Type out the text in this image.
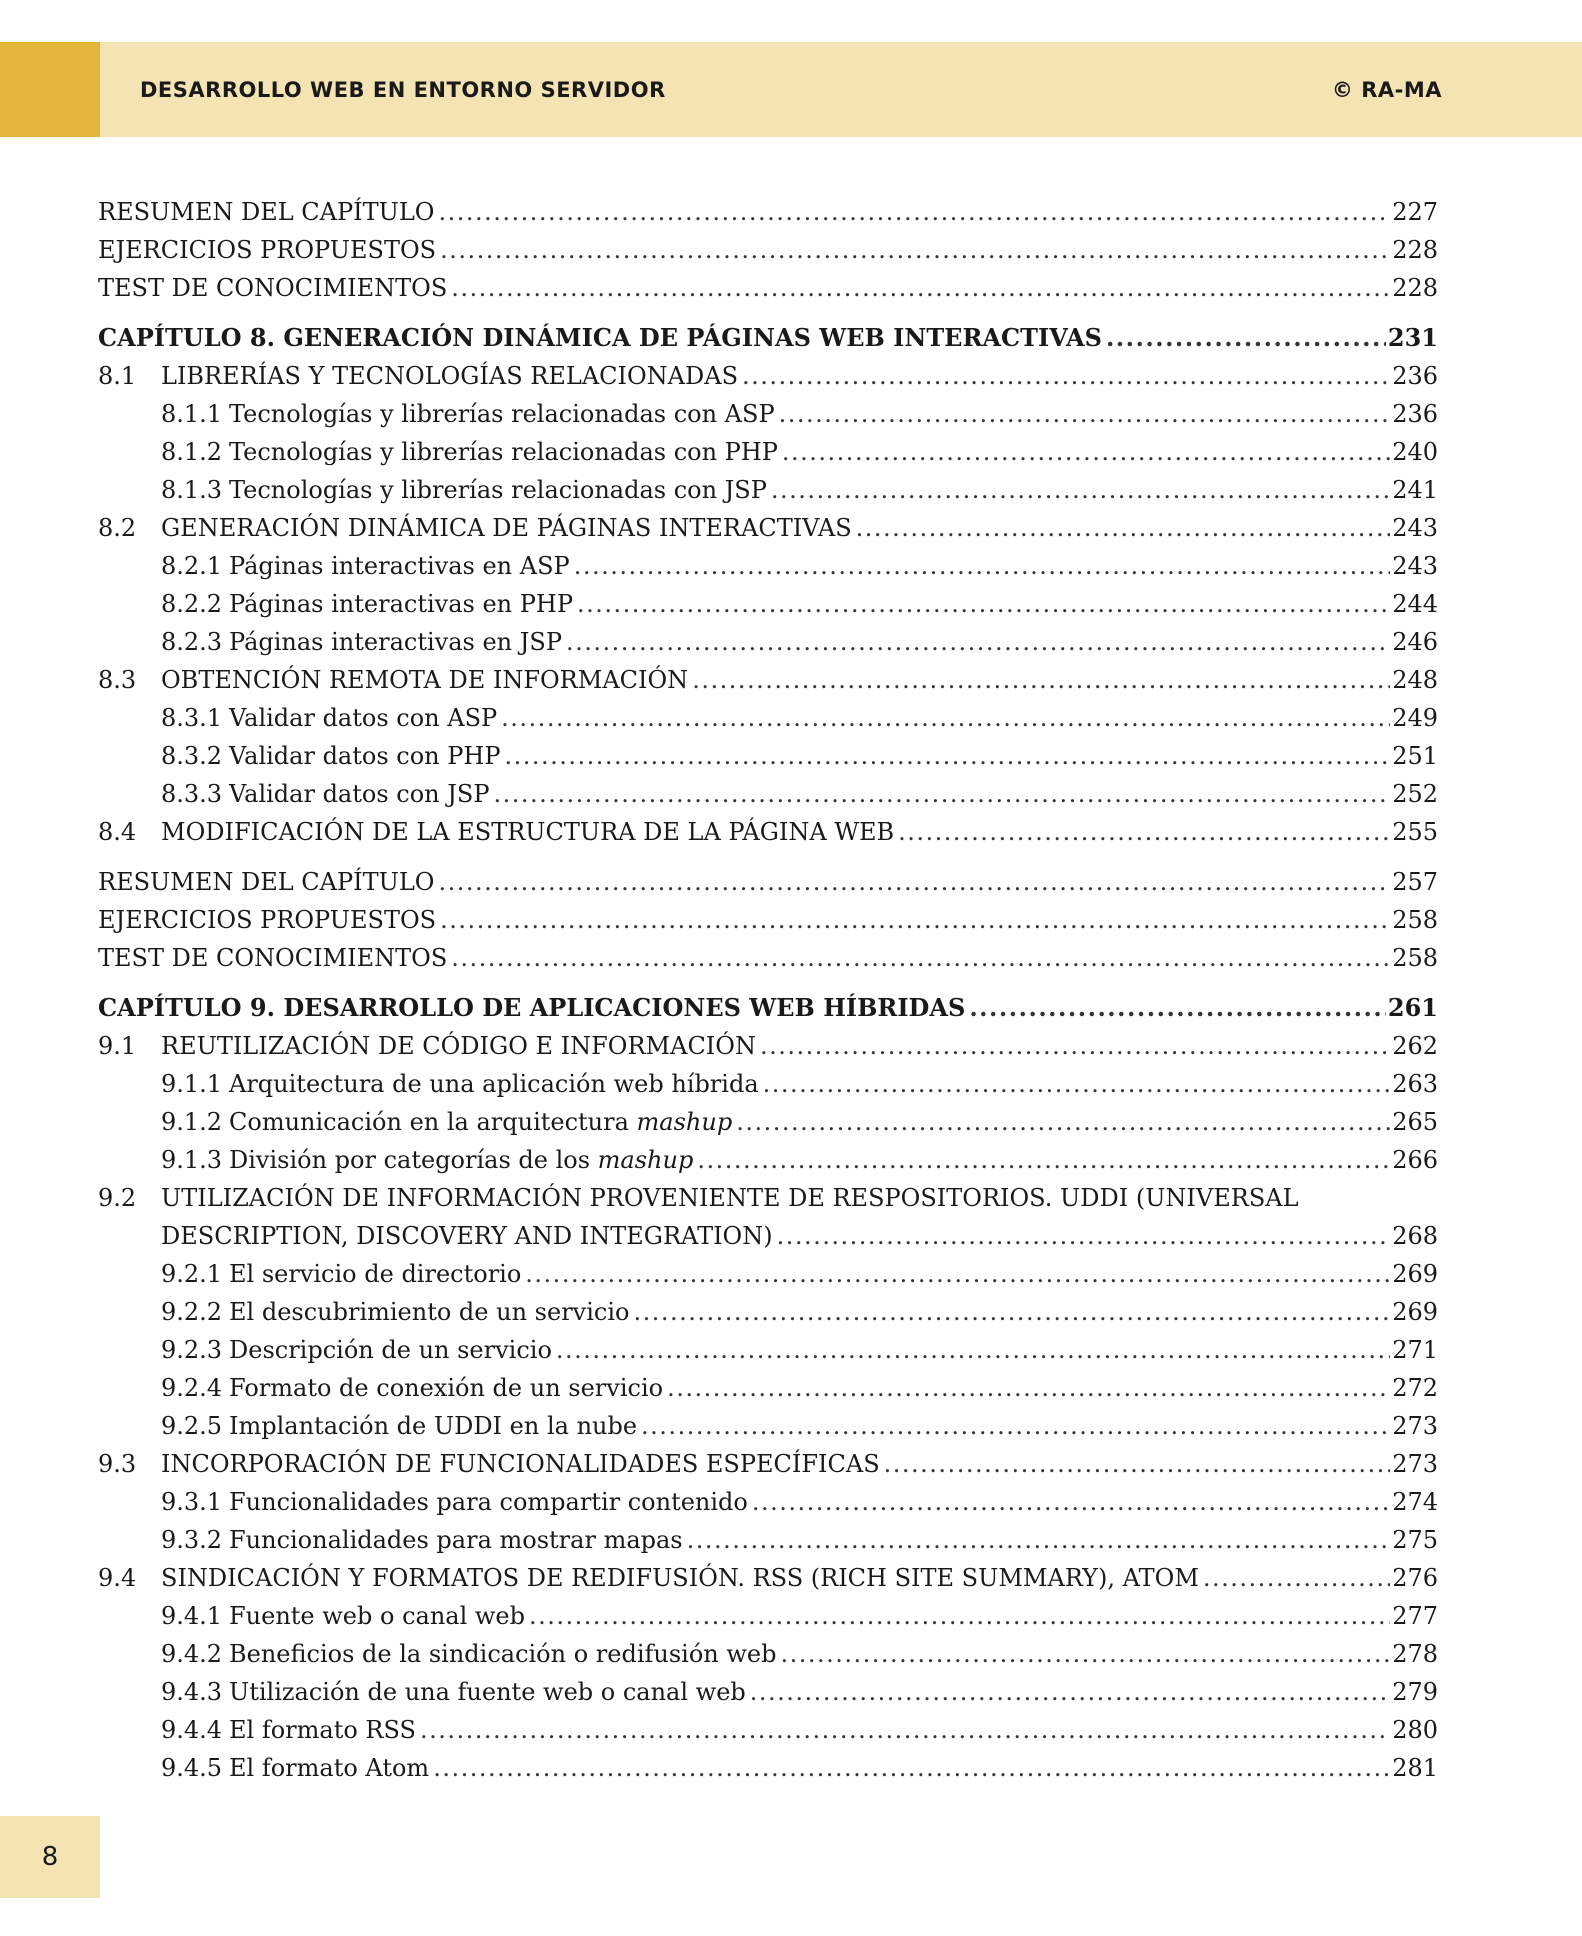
DESARROLLO WEB EN ENTORNO SERVIDOR	© RA-MA
RESUMEN DEL CAPÍTULO .....	227
EJERCICIOS PROPUESTOS .....	228
TEST DE CONOCIMIENTOS .....	228
CAPÍTULO 8. GENERACIÓN DINÁMICA DE PÁGINAS WEB INTERACTIVAS .....	231
8.1	LIBRERÍAS Y TECNOLOGÍAS RELACIONADAS .....	236
8.1.1 Tecnologías y librerías relacionadas con ASP .....	236
8.1.2 Tecnologías y librerías relacionadas con PHP .....	240
8.1.3 Tecnologías y librerías relacionadas con JSP .....	241
8.2	GENERACIÓN DINÁMICA DE PÁGINAS INTERACTIVAS .....	243
8.2.1 Páginas interactivas en ASP .....	243
8.2.2 Páginas interactivas en PHP .....	244
8.2.3 Páginas interactivas en JSP .....	246
8.3	OBTENCIÓN REMOTA DE INFORMACIÓN .....	248
8.3.1 Validar datos con ASP .....	249
8.3.2 Validar datos con PHP .....	251
8.3.3 Validar datos con JSP .....	252
8.4	MODIFICACIÓN DE LA ESTRUCTURA DE LA PÁGINA WEB .....	255
RESUMEN DEL CAPÍTULO .....	257
EJERCICIOS PROPUESTOS .....	258
TEST DE CONOCIMIENTOS .....	258
CAPÍTULO 9. DESARROLLO DE APLICACIONES WEB HÍBRIDAS .....	261
9.1	REUTILIZACIÓN DE CÓDIGO E INFORMACIÓN .....	262
9.1.1 Arquitectura de una aplicación web híbrida .....	263
9.1.2 Comunicación en la arquitectura mashup .....	265
9.1.3 División por categorías de los mashup .....	266
9.2 UTILIZACIÓN DE INFORMACIÓN PROVENIENTE DE RESPOSITORIOS. UDDI (UNIVERSAL
DESCRIPTION, DISCOVERY AND INTEGRATION) .....	268
9.2.1 El servicio de directorio .....	269
9.2.2 El descubrimiento de un servicio .....	269
9.2.3 Descripción de un servicio .....	271
9.2.4 Formato de conexión de un servicio .....	272
9.2.5 Implantación de UDDI en la nube .....	273
9.3	INCORPORACIÓN DE FUNCIONALIDADES ESPECÍFICAS .....	273
9.3.1 Funcionalidades para compartir contenido .....	274
9.3.2 Funcionalidades para mostrar mapas .....	275
9.4	SINDICACIÓN Y FORMATOS DE REDIFUSIÓN. RSS (RICH SITE SUMMARY), ATOM .....	276
9.4.1 Fuente web o canal web .....	277
9.4.2 Beneficios de la sindicación o redifusión web .....	278
9.4.3 Utilización de una fuente web o canal web .....	279
9.4.4 El formato RSS .....	280
9.4.5 El formato Atom .....	281
8
